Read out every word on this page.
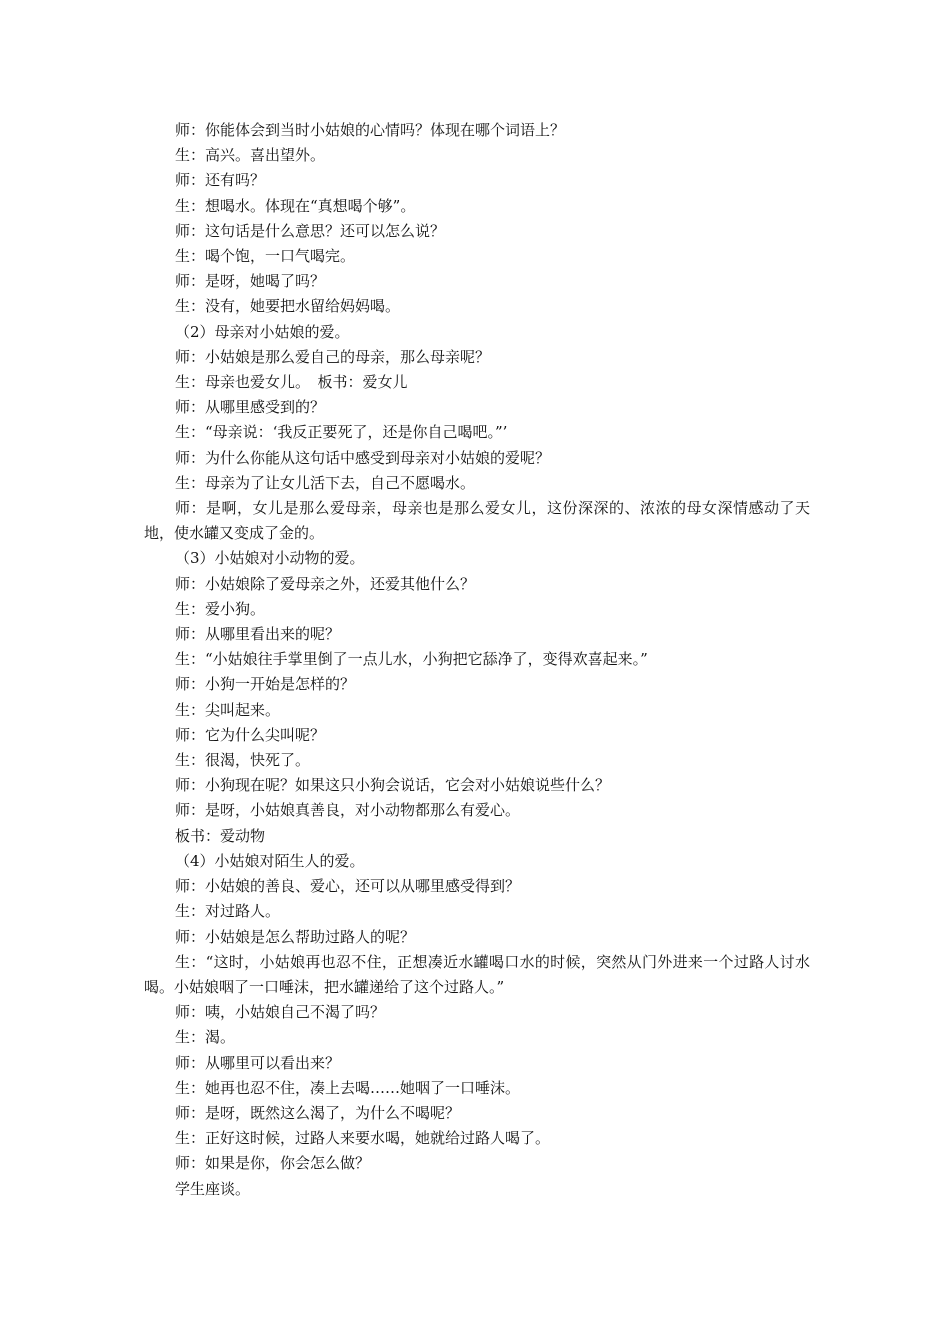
师：你能体会到当时小姑娘的心情吗？体现在哪个词语上？

生：高兴。喜出望外。

师：还有吗？

生：想喝水。体现在“真想喝个够”。

师：这句话是什么意思？还可以怎么说？

生：喝个饱，一口气喝完。

师：是呀，她喝了吗？

生：没有，她要把水留给妈妈喝。

（2）母亲对小姑娘的爱。

师：小姑娘是那么爱自己的母亲，那么母亲呢？

生：母亲也爱女儿。　板书：爱女儿

师：从哪里感受到的？

生：“母亲说：‘我反正要死了，还是你自己喝吧。”’

师：为什么你能从这句话中感受到母亲对小姑娘的爱呢？

生：母亲为了让女儿活下去，自己不愿喝水。

师：是啊，女儿是那么爱母亲，母亲也是那么爱女儿，这份深深的、浓浓的母女深情感动了天地，使水罐又变成了金的。

（3）小姑娘对小动物的爱。

师：小姑娘除了爱母亲之外，还爱其他什么？

生：爱小狗。

师：从哪里看出来的呢？

生：“小姑娘往手掌里倒了一点儿水，小狗把它舔净了，变得欢喜起来。”

师：小狗一开始是怎样的？

生：尖叫起来。

师：它为什么尖叫呢？

生：很渴，快死了。

师：小狗现在呢？如果这只小狗会说话，它会对小姑娘说些什么？

师：是呀，小姑娘真善良，对小动物都那么有爱心。

板书：爱动物

（4）小姑娘对陌生人的爱。

师：小姑娘的善良、爱心，还可以从哪里感受得到？

生：对过路人。

师：小姑娘是怎么帮助过路人的呢？

生：“这时，小姑娘再也忍不住，正想凑近水罐喝口水的时候，突然从门外进来一个过路人讨水喝。小姑娘咽了一口唾沫，把水罐递给了这个过路人。”

师：咦，小姑娘自己不渴了吗？

生：渴。

师：从哪里可以看出来？

生：她再也忍不住，凑上去喝……她咽了一口唾沫。

师：是呀，既然这么渴了，为什么不喝呢？

生：正好这时候，过路人来要水喝，她就给过路人喝了。

师：如果是你，你会怎么做？

学生座谈。
